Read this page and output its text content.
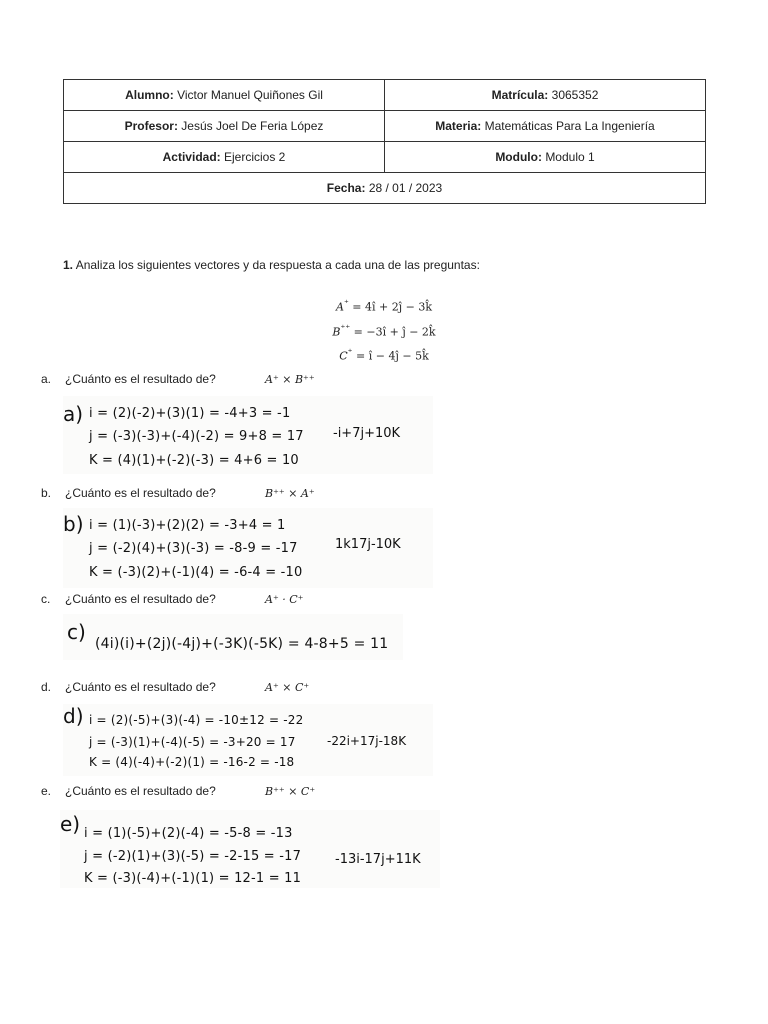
Alumno: Victor Manuel Quiñones Gil	Matrícula: 3065352
Profesor: Jesús Joel De Feria López	Materia: Matemáticas Para La Ingeniería
Actividad: Ejercicios 2	Modulo: Modulo 1
Fecha: 28 / 01 / 2023	
1. Analiza los siguientes vectores y da respuesta a cada una de las preguntas:
A⁺ = 4î + 2ĵ − 3k̂
B⁺⁺ = −3î + ĵ − 2k̂
C⁺ = î − 4ĵ − 5k̂
a. ¿Cuánto es el resultado de?	A⁺ × B⁺⁺
a) i = (2)(-2)+(3)(1) = -4+3 = -1
j = (-3)(-3)+(-4)(-2) = 9+8 = 17
K = (4)(1)+(-2)(-3) = 4+6 = 10
-i+7j+10K
b. ¿Cuánto es el resultado de?	B⁺⁺ × A⁺
b) i = (1)(-3)+(2)(2) = -3+4 = 1
j = (-2)(4)+(3)(-3) = -8-9 = -17
K = (-3)(2)+(-1)(4) = -6-4 = -10
1k17j-10K
c. ¿Cuánto es el resultado de?	A⁺ · C⁺
c) (4i)(i)+(2j)(-4j)+(-3K)(-5K) = 4-8+5 = 11
d. ¿Cuánto es el resultado de?	A⁺ × C⁺
d) i = (2)(-5)+(3)(-4) = -10±12 = -22
j = (-3)(1)+(-4)(-5) = -3+20 = 17
K = (4)(-4)+(-2)(1) = -16-2 = -18
-22i+17j-18K
e. ¿Cuánto es el resultado de?	B⁺⁺ × C⁺
e) i = (1)(-5)+(2)(-4) = -5-8 = -13
j = (-2)(1)+(3)(-5) = -2-15 = -17
K = (-3)(-4)+(-1)(1) = 12-1 = 11
-13i-17j+11K
